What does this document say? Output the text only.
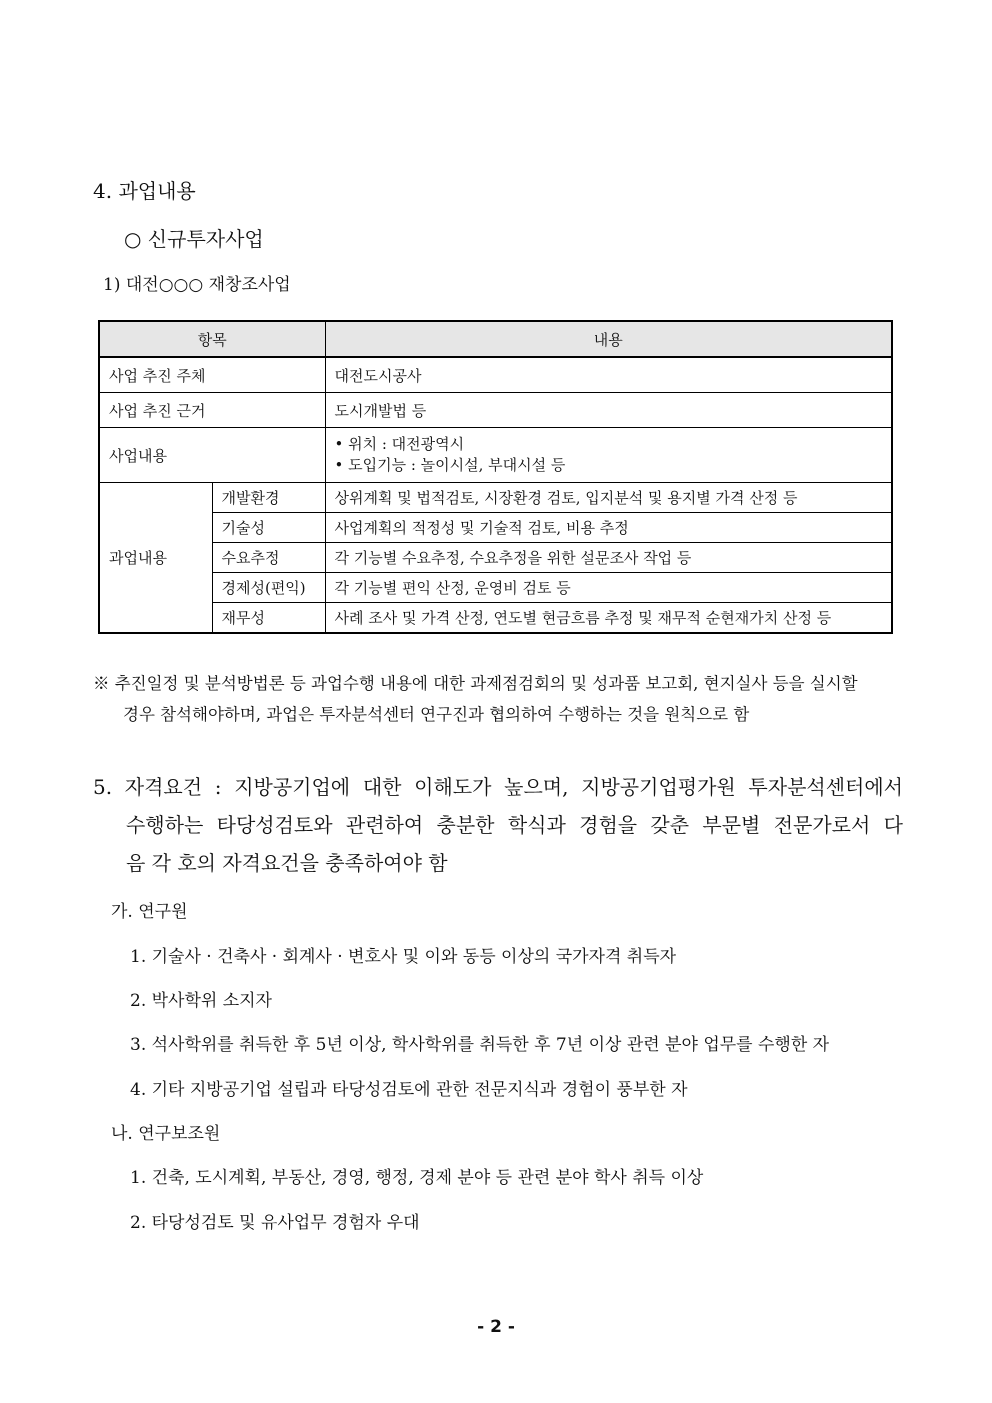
4. 과업내용
○ 신규투자사업
1) 대전○○○ 재창조사업
항목		내용
사업 추진 주체		대전도시공사
사업 추진 근거		도시개발법 등
사업내용		• 위치 : 대전광역시
• 도입기능 : 놀이시설, 부대시설 등

과업내용	개발환경	상위계획 및 법적검토, 시장환경 검토, 입지분석 및 용지별 가격 산정 등
	기술성	사업계획의 적정성 및 기술적 검토, 비용 추정
	수요추정	각 기능별 수요추정, 수요추정을 위한 설문조사 작업 등
	경제성(편익)	각 기능별 편익 산정, 운영비 검토 등
	재무성	사례 조사 및 가격 산정, 연도별 현금흐름 추정 및 재무적 순현재가치 산정 등
※ 추진일정 및 분석방법론 등 과업수행 내용에 대한 과제점검회의 및 성과품 보고회, 현지실사 등을 실시할
경우 참석해야하며, 과업은 투자분석센터 연구진과 협의하여 수행하는 것을 원칙으로 함
5. 자격요건 : 지방공기업에 대한 이해도가 높으며, 지방공기업평가원 투자분석센터에서
수행하는 타당성검토와 관련하여 충분한 학식과 경험을 갖춘 부문별 전문가로서 다
음 각 호의 자격요건을 충족하여야 함
가. 연구원
1. 기술사 · 건축사 · 회계사 · 변호사 및 이와 동등 이상의 국가자격 취득자
2. 박사학위 소지자
3. 석사학위를 취득한 후 5년 이상, 학사학위를 취득한 후 7년 이상 관련 분야 업무를 수행한 자
4. 기타 지방공기업 설립과 타당성검토에 관한 전문지식과 경험이 풍부한 자
나. 연구보조원
1. 건축, 도시계획, 부동산, 경영, 행정, 경제 분야 등 관련 분야 학사 취득 이상
2. 타당성검토 및 유사업무 경험자 우대
- 2 -
